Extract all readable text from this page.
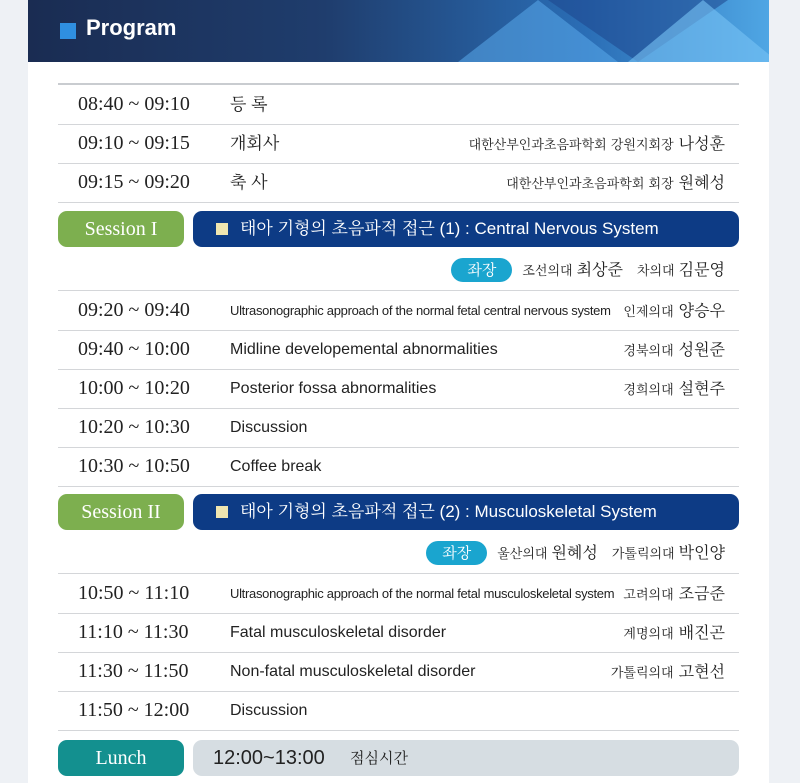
Program
08:40 ~ 09:10 등 록
09:10 ~ 09:15 개회사	대한산부인과초음파학회 강원지회장 나성훈
09:15 ~ 09:20 축 사	대한산부인과초음파학회 회장 원혜성
Session I	태아 기형의 초음파적 접근 (1) : Central Nervous System
좌장 조선의대 최상준 차의대 김문영
09:20 ~ 09:40	Ultrasonographic approach of the normal fetal central nervous system 인제의대 양승우
09:40 ~ 10:00	Midline developemental abnormalities	경북의대 성원준
10:00 ~ 10:20	Posterior fossa abnormalities	경희의대 설현주
10:20 ~ 10:30	Discussion
10:30 ~ 10:50	Coffee break
Session II	태아 기형의 초음파적 접근 (2) : Musculoskeletal System
좌장 울산의대 원혜성 가톨릭의대 박인양
10:50 ~ 11:10	Ultrasonographic approach of the normal fetal musculoskeletal system 고려의대 조금준
11:10 ~ 11:30	Fatal musculoskeletal disorder	계명의대 배진곤
11:30 ~ 11:50	Non-fatal musculoskeletal disorder	가톨릭의대 고현선
11:50 ~ 12:00	Discussion
Lunch	12:00~13:00 점심시간
